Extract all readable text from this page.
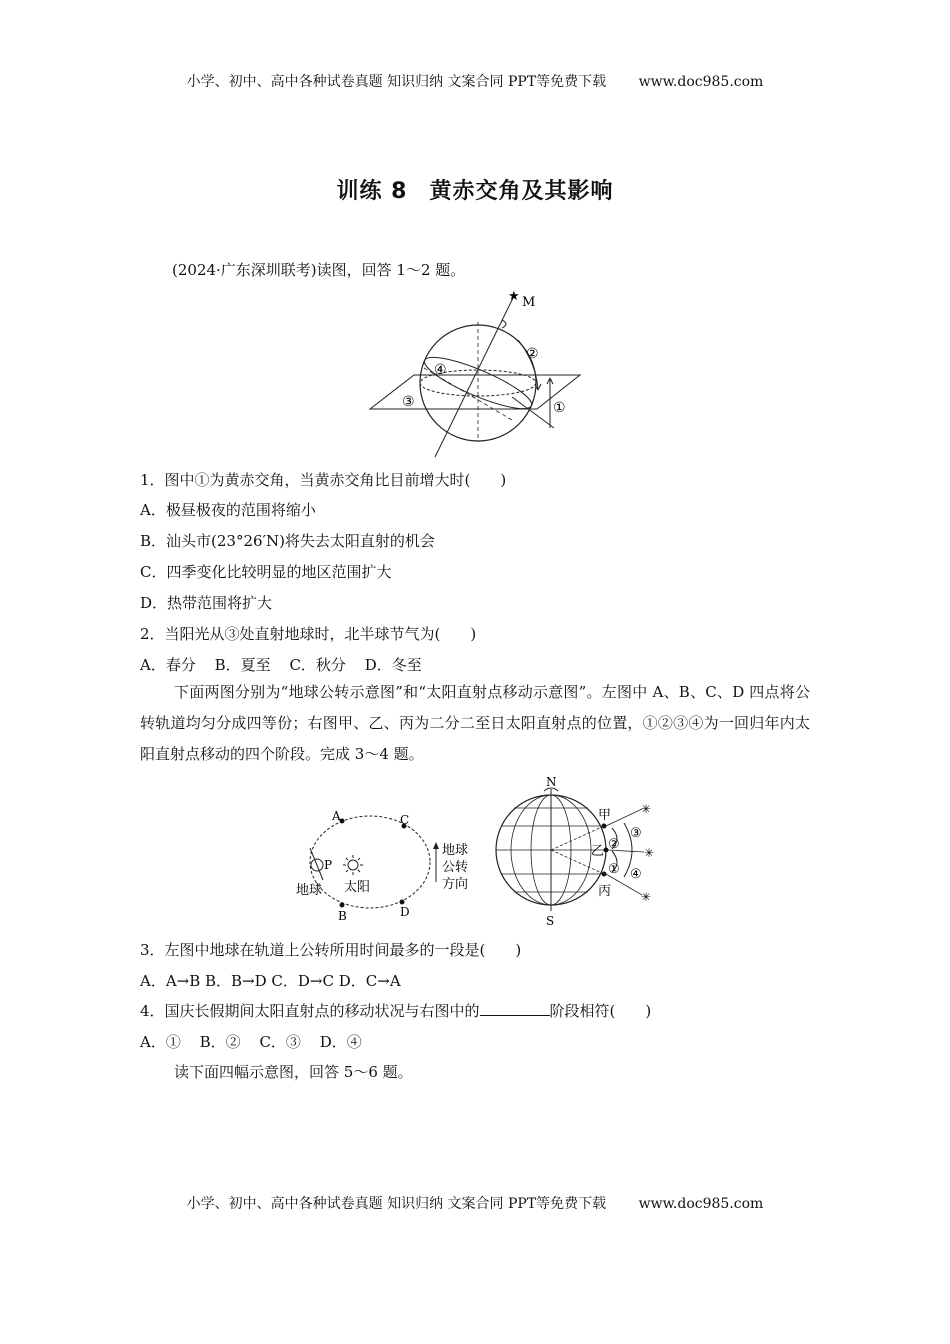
小学、初中、高中各种试卷真题 知识归纳 文案合同 PPT等免费下载 www.doc985.com
训练 8 黄赤交角及其影响
(2024·广东深圳联考)读图，回答 1～2 题。
★ M
①
②
③
④
1．图中①为黄赤交角，当黄赤交角比目前增大时(　　)
A．极昼极夜的范围将缩小
B．汕头市(23°26′N)将失去太阳直射的机会
C．四季变化比较明显的地区范围扩大
D．热带范围将扩大
2．当阳光从③处直射地球时，北半球节气为(　　)
A．春分 B．夏至 C．秋分 D．冬至
下面两图分别为“地球公转示意图”和“太阳直射点移动示意图”。左图中 A、B、C、D 四点将公转轨道均匀分成四等份；右图甲、乙、丙为二分二至日太阳直射点的位置，①②③④为一回归年内太阳直射点移动的四个阶段。完成 3～4 题。
A
B
C
D
P
地球 太阳
地球
公转
方向
N
S
甲
乙
丙
①
②
③
④
✳
✳
✳
3．左图中地球在轨道上公转所用时间最多的一段是(　　)
A．A→B B．B→D C．D→C D．C→A
4．国庆长假期间太阳直射点的移动状况与右图中的	阶段相符(　　)
A．① B．② C．③ D．④
读下面四幅示意图，回答 5～6 题。
小学、初中、高中各种试卷真题 知识归纳 文案合同 PPT等免费下载 www.doc985.com
